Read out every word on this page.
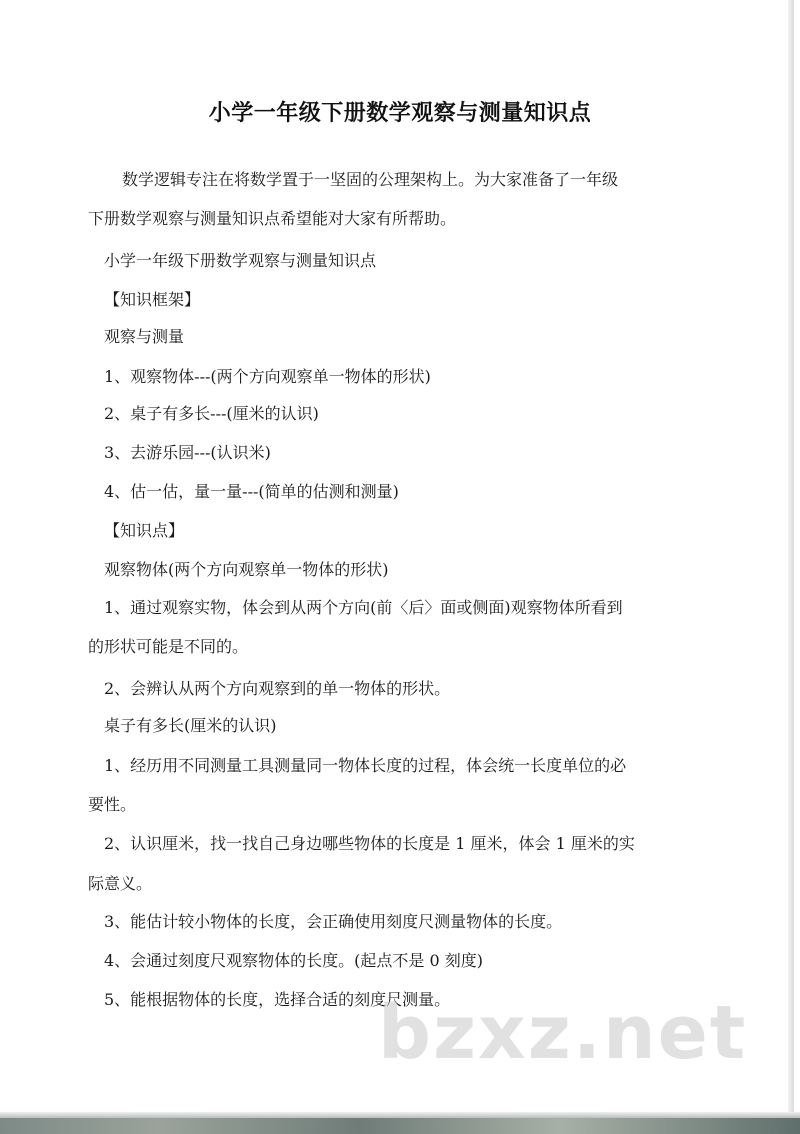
小学一年级下册数学观察与测量知识点
数学逻辑专注在将数学置于一坚固的公理架构上。为大家准备了一年级
下册数学观察与测量知识点希望能对大家有所帮助。
小学一年级下册数学观察与测量知识点
【知识框架】
观察与测量
1、观察物体---(两个方向观察单一物体的形状)
2、桌子有多长---(厘米的认识)
3、去游乐园---(认识米)
4、估一估，量一量---(简单的估测和测量)
【知识点】
观察物体(两个方向观察单一物体的形状)
1、通过观察实物，体会到从两个方向(前〈后〉面或侧面)观察物体所看到
的形状可能是不同的。
2、会辨认从两个方向观察到的单一物体的形状。
桌子有多长(厘米的认识)
1、经历用不同测量工具测量同一物体长度的过程，体会统一长度单位的必
要性。
2、认识厘米，找一找自己身边哪些物体的长度是 1 厘米，体会 1 厘米的实
际意义。
3、能估计较小物体的长度，会正确使用刻度尺测量物体的长度。
4、会通过刻度尺观察物体的长度。(起点不是 0 刻度)
5、能根据物体的长度，选择合适的刻度尺测量。
bzxz.net
